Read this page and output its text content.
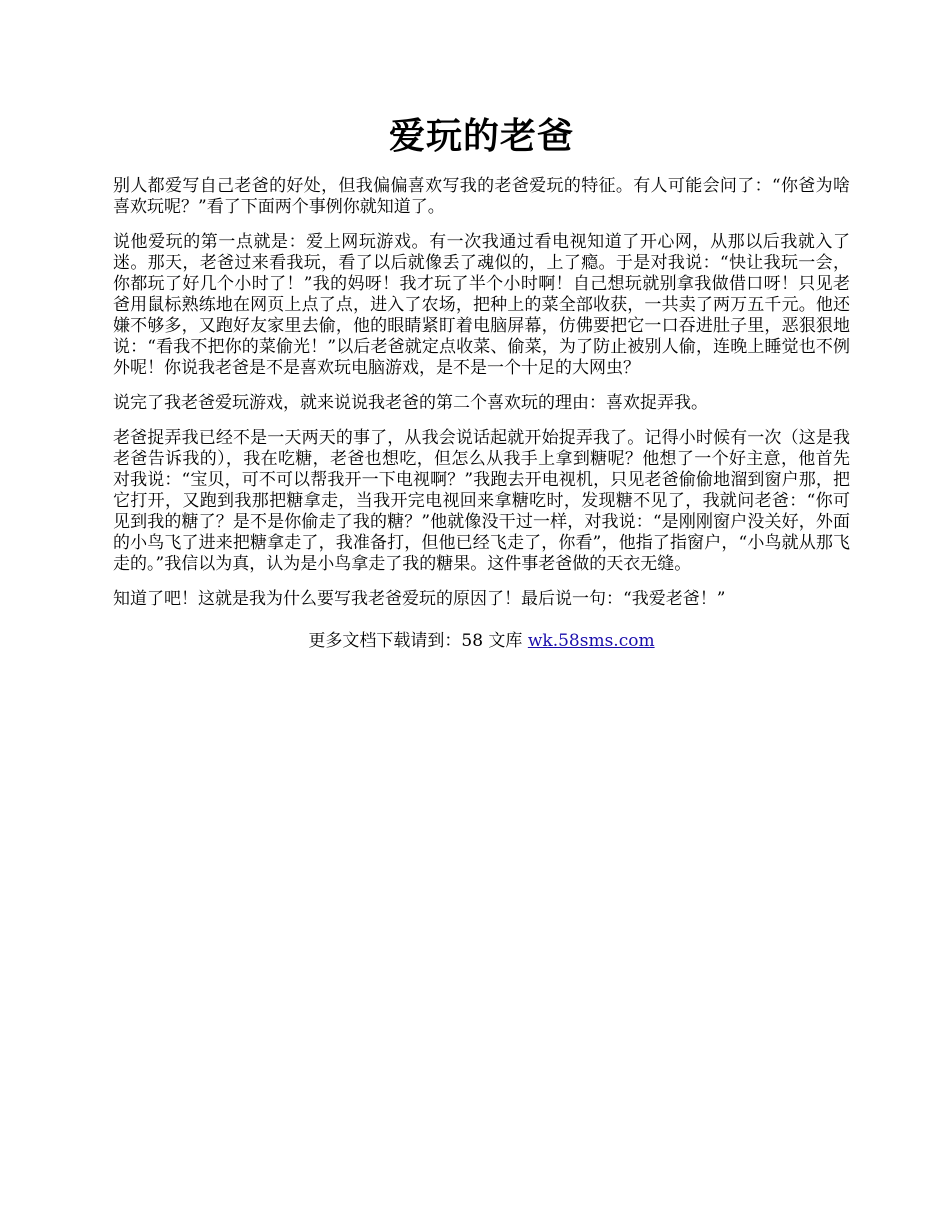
爱玩的老爸

别人都爱写自己老爸的好处，但我偏偏喜欢写我的老爸爱玩的特征。有人可能会问了：“你爸为啥喜欢玩呢？”看了下面两个事例你就知道了。

说他爱玩的第一点就是：爱上网玩游戏。有一次我通过看电视知道了开心网，从那以后我就入了迷。那天，老爸过来看我玩，看了以后就像丢了魂似的，上了瘾。于是对我说：“快让我玩一会，你都玩了好几个小时了！”我的妈呀！我才玩了半个小时啊！自己想玩就别拿我做借口呀！只见老爸用鼠标熟练地在网页上点了点，进入了农场，把种上的菜全部收获，一共卖了两万五千元。他还嫌不够多，又跑好友家里去偷，他的眼睛紧盯着电脑屏幕，仿佛要把它一口吞进肚子里，恶狠狠地说：“看我不把你的菜偷光！”以后老爸就定点收菜、偷菜，为了防止被别人偷，连晚上睡觉也不例外呢！你说我老爸是不是喜欢玩电脑游戏，是不是一个十足的大网虫？

说完了我老爸爱玩游戏，就来说说我老爸的第二个喜欢玩的理由：喜欢捉弄我。

老爸捉弄我已经不是一天两天的事了，从我会说话起就开始捉弄我了。记得小时候有一次（这是我老爸告诉我的），我在吃糖，老爸也想吃，但怎么从我手上拿到糖呢？他想了一个好主意，他首先对我说：“宝贝，可不可以帮我开一下电视啊？”我跑去开电视机，只见老爸偷偷地溜到窗户那，把它打开，又跑到我那把糖拿走，当我开完电视回来拿糖吃时，发现糖不见了，我就问老爸：“你可见到我的糖了？是不是你偷走了我的糖？”他就像没干过一样，对我说：“是刚刚窗户没关好，外面的小鸟飞了进来把糖拿走了，我准备打，但他已经飞走了，你看”，他指了指窗户，“小鸟就从那飞走的。”我信以为真，认为是小鸟拿走了我的糖果。这件事老爸做的天衣无缝。

知道了吧！这就是我为什么要写我老爸爱玩的原因了！最后说一句：“我爱老爸！”

更多文档下载请到：58 文库 wk.58sms.com
